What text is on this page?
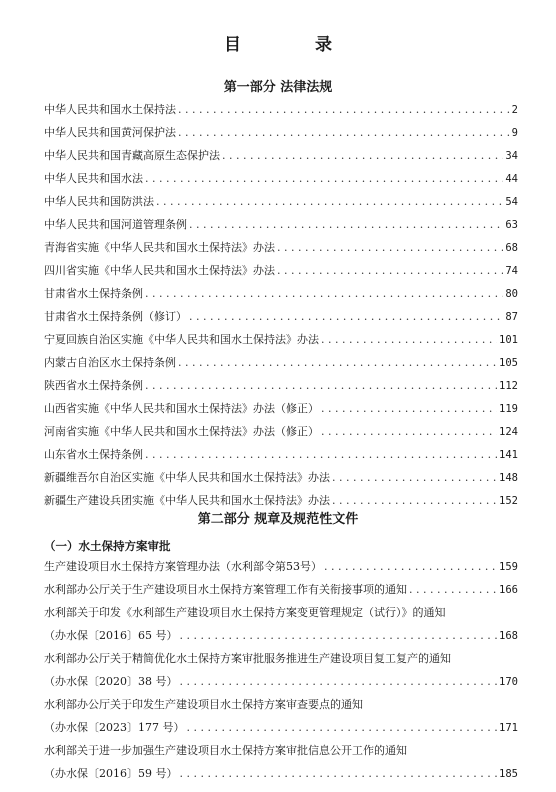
目 录
第一部分 法律法规
中华人民共和国水土保持法 . . .	2
中华人民共和国黄河保护法 . . .	9
中华人民共和国青藏高原生态保护法 . . .	34
中华人民共和国水法 . . .	44
中华人民共和国防洪法 . . .	54
中华人民共和国河道管理条例 . . .	63
青海省实施《中华人民共和国水土保持法》办法 . . .	68
四川省实施《中华人民共和国水土保持法》办法 . . .	74
甘肃省水土保持条例 . . .	80
甘肃省水土保持条例（修订） . . .	87
宁夏回族自治区实施《中华人民共和国水土保持法》办法 . . .	101
内蒙古自治区水土保持条例 . . .	105
陕西省水土保持条例 . . .	112
山西省实施《中华人民共和国水土保持法》办法（修正） . . .	119
河南省实施《中华人民共和国水土保持法》办法（修正） . . .	124
山东省水土保持条例 . . .	141
新疆维吾尔自治区实施《中华人民共和国水土保持法》办法 . . .	148
新疆生产建设兵团实施《中华人民共和国水土保持法》办法 . . .	152
第二部分 规章及规范性文件
（一）水土保持方案审批
生产建设项目水土保持方案管理办法（水利部令第53号） . . .	159
水利部办公厅关于生产建设项目水土保持方案管理工作有关衔接事项的通知 . . .	166
水利部关于印发《水利部生产建设项目水土保持方案变更管理规定（试行）》的通知
（办水保〔2016〕65 号） . . .	168
水利部办公厅关于精简优化水土保持方案审批服务推进生产建设项目复工复产的通知
（办水保〔2020〕38 号） . . .	170
水利部办公厅关于印发生产建设项目水土保持方案审查要点的通知
（办水保〔2023〕177 号） . . .	171
水利部关于进一步加强生产建设项目水土保持方案审批信息公开工作的通知
（办水保〔2016〕59 号） . . .	185
